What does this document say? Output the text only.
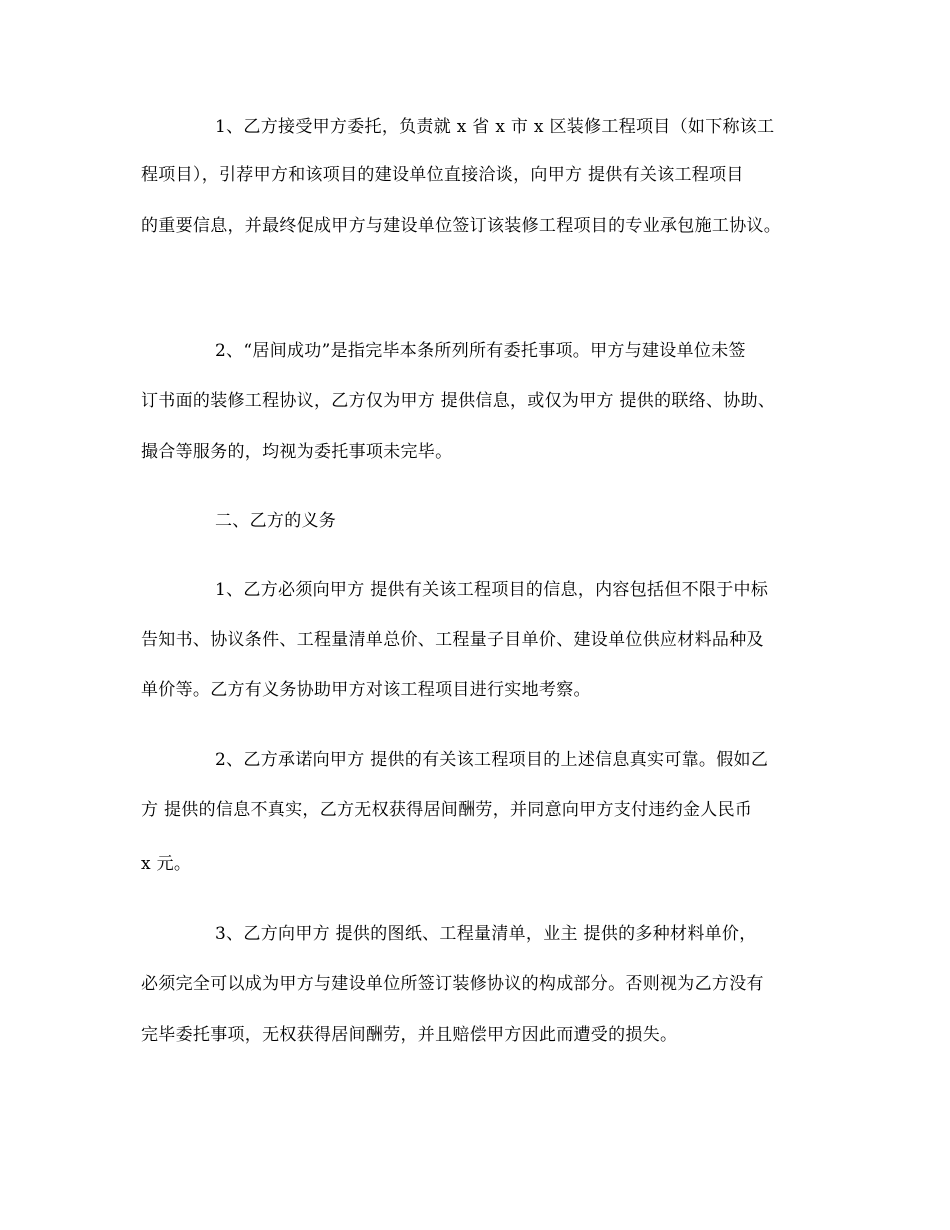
1、乙方接受甲方委托，负责就 x 省 x 市 x 区装修工程项目（如下称该工
程项目），引荐甲方和该项目的建设单位直接洽谈，向甲方 提供有关该工程项目
的重要信息，并最终促成甲方与建设单位签订该装修工程项目的专业承包施工协议。
2、“居间成功”是指完毕本条所列所有委托事项。甲方与建设单位未签
订书面的装修工程协议，乙方仅为甲方 提供信息，或仅为甲方 提供的联络、协助、
撮合等服务的，均视为委托事项未完毕。
二、乙方的义务
1、乙方必须向甲方 提供有关该工程项目的信息，内容包括但不限于中标
告知书、协议条件、工程量清单总价、工程量子目单价、建设单位供应材料品种及
单价等。乙方有义务协助甲方对该工程项目进行实地考察。
2、乙方承诺向甲方 提供的有关该工程项目的上述信息真实可靠。假如乙
方 提供的信息不真实，乙方无权获得居间酬劳，并同意向甲方支付违约金人民币
x 元。
3、乙方向甲方 提供的图纸、工程量清单，业主 提供的多种材料单价，
必须完全可以成为甲方与建设单位所签订装修协议的构成部分。否则视为乙方没有
完毕委托事项，无权获得居间酬劳，并且赔偿甲方因此而遭受的损失。
